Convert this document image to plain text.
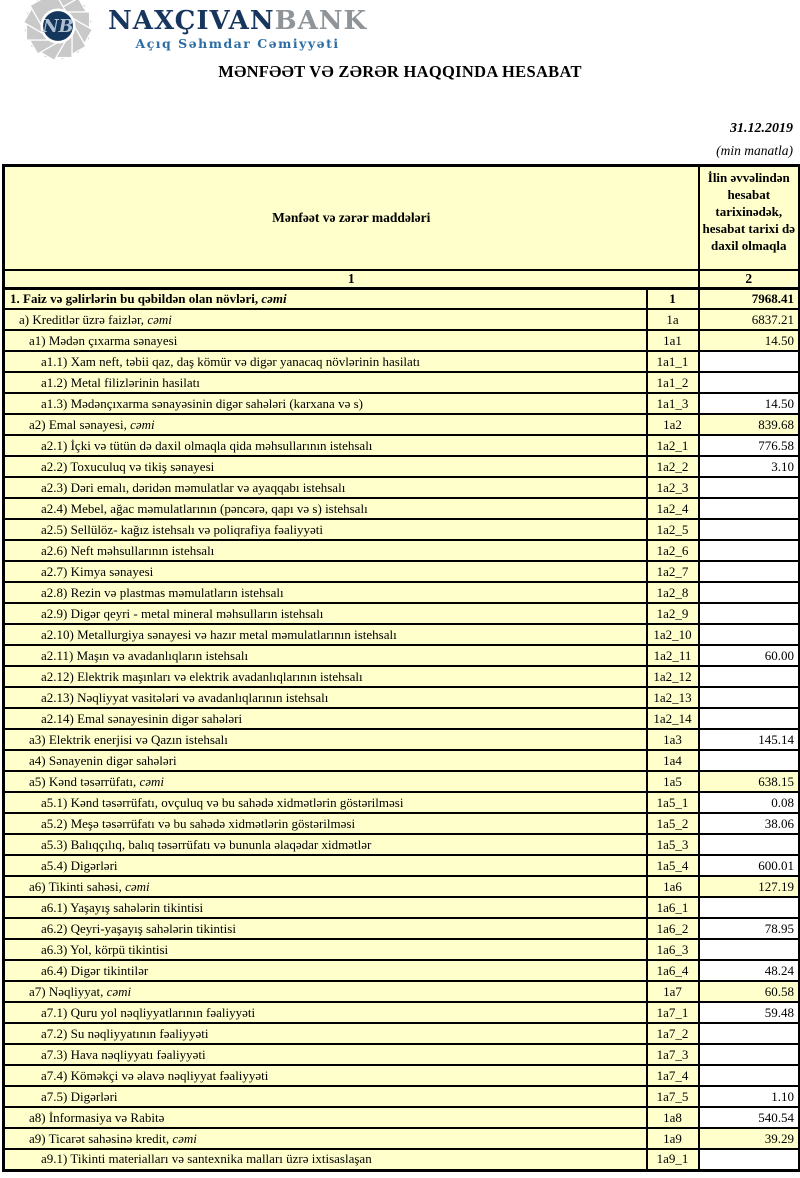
NB NAXÇIVANBANK
Açıq Səhmdar Cəmiyyəti
MƏNFƏƏT VƏ ZƏRƏR HAQQINDA HESABAT
31.12.2019
(min manatla)
Mənfəət və zərər maddələri		İlin əvvəlindən hesabat tarixinədək, hesabat tarixi də daxil olmaqla
1		2
1. Faiz və gəlirlərin bu qəbildən olan növləri, cəmi	1	7968.41
a) Kreditlər üzrə faizlər, cəmi	1a	6837.21
a1) Mədən çıxarma sənayesi	1a1	14.50
a1.1) Xam neft, təbii qaz, daş kömür və digər yanacaq növlərinin hasilatı	1a1_1	
a1.2) Metal filizlərinin hasilatı	1a1_2	
a1.3) Mədənçıxarma sənayəsinin digər sahələri (karxana və s)	1a1_3	14.50
a2) Emal sənayesi, cəmi	1a2	839.68
a2.1) İçki və tütün də daxil olmaqla qida məhsullarının istehsalı	1a2_1	776.58
a2.2) Toxuculuq və tikiş sənayesi	1a2_2	3.10
a2.3) Dəri emalı, dəridən məmulatlar və ayaqqabı istehsalı	1a2_3	
a2.4) Mebel, ağac məmulatlarının (pəncərə, qapı və s) istehsalı	1a2_4	
a2.5) Sellülöz- kağız istehsalı və poliqrafiya fəaliyyəti	1a2_5	
a2.6) Neft məhsullarının istehsalı	1a2_6	
a2.7) Kimya sənayesi	1a2_7	
a2.8) Rezin və plastmas məmulatların istehsalı	1a2_8	
a2.9) Digər qeyri - metal mineral məhsulların istehsalı	1a2_9	
a2.10) Metallurgiya sənayesi və hazır metal məmulatlarının istehsalı	1a2_10	
a2.11) Maşın və avadanlıqların istehsalı	1a2_11	60.00
a2.12) Elektrik maşınları və elektrik avadanlıqlarının istehsalı	1a2_12	
a2.13) Nəqliyyat vasitələri və avadanlıqlarının istehsalı	1a2_13	
a2.14) Emal sənayesinin digər sahələri	1a2_14	
a3) Elektrik enerjisi və Qazın istehsalı	1a3	145.14
a4) Sənayenin digər sahələri	1a4	
a5) Kənd təsərrüfatı, cəmi	1a5	638.15
a5.1) Kənd təsərrüfatı, ovçuluq və bu sahədə xidmətlərin göstərilməsi	1a5_1	0.08
a5.2) Meşə təsərrüfatı və bu sahədə xidmətlərin göstərilməsi	1a5_2	38.06
a5.3) Balıqçılıq, balıq təsərrüfatı və bununla əlaqədar xidmətlər	1a5_3	
a5.4) Digərləri	1a5_4	600.01
a6) Tikinti sahəsi, cəmi	1a6	127.19
a6.1) Yaşayış sahələrin tikintisi	1a6_1	
a6.2) Qeyri-yaşayış sahələrin tikintisi	1a6_2	78.95
a6.3) Yol, körpü tikintisi	1a6_3	
a6.4) Digər tikintilər	1a6_4	48.24
a7) Nəqliyyat, cəmi	1a7	60.58
a7.1) Quru yol nəqliyyatlarının fəaliyyəti	1a7_1	59.48
a7.2) Su nəqliyyatının fəaliyyəti	1a7_2	
a7.3) Hava nəqliyyatı fəaliyyəti	1a7_3	
a7.4) Köməkçi və əlavə nəqliyyat fəaliyyəti	1a7_4	
a7.5) Digərləri	1a7_5	1.10
a8) İnformasiya və Rabitə	1a8	540.54
a9) Ticarət sahəsinə kredit, cəmi	1a9	39.29
a9.1) Tikinti materialları və santexnika malları üzrə ixtisaslaşan	1a9_1	
